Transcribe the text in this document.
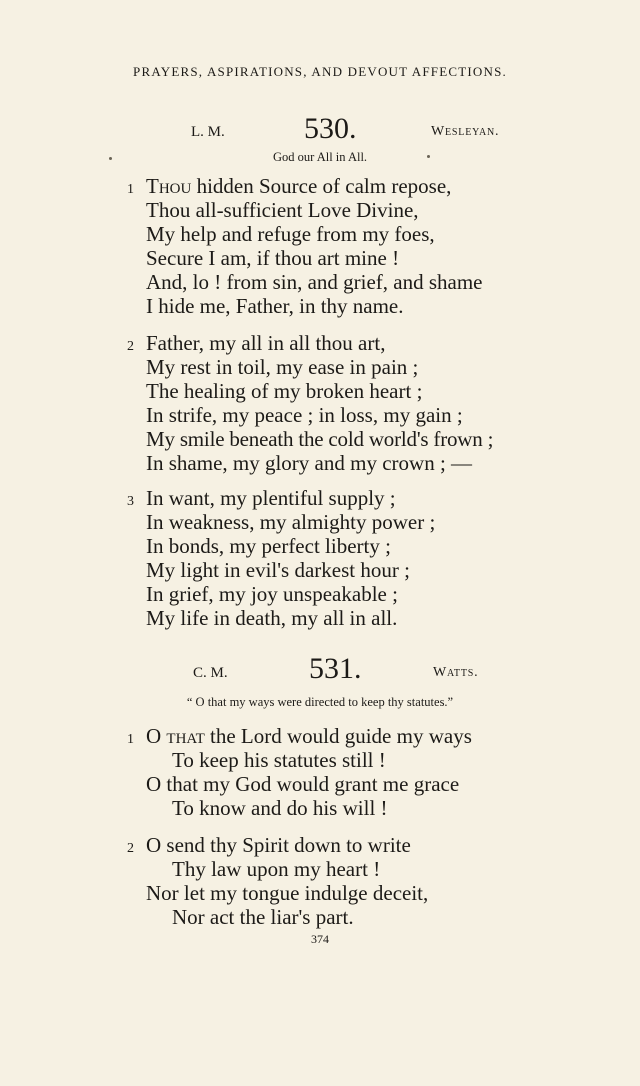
PRAYERS, ASPIRATIONS, AND DEVOUT AFFECTIONS.
L. M.	530.	Wesleyan.
God our All in All.
1 Thou hidden Source of calm repose,
Thou all-sufficient Love Divine,
My help and refuge from my foes,
Secure I am, if thou art mine !
And, lo ! from sin, and grief, and shame
I hide me, Father, in thy name.
2 Father, my all in all thou art,
My rest in toil, my ease in pain ;
The healing of my broken heart ;
In strife, my peace ; in loss, my gain ;
My smile beneath the cold world's frown ;
In shame, my glory and my crown ; —
3 In want, my plentiful supply ;
In weakness, my almighty power ;
In bonds, my perfect liberty ;
My light in evil's darkest hour ;
In grief, my joy unspeakable ;
My life in death, my all in all.
C. M.	531.	Watts.
“ O that my ways were directed to keep thy statutes.”
1 O that the Lord would guide my ways
To keep his statutes still !
O that my God would grant me grace
To know and do his will !
2 O send thy Spirit down to write
Thy law upon my heart !
Nor let my tongue indulge deceit,
Nor act the liar's part.
374
